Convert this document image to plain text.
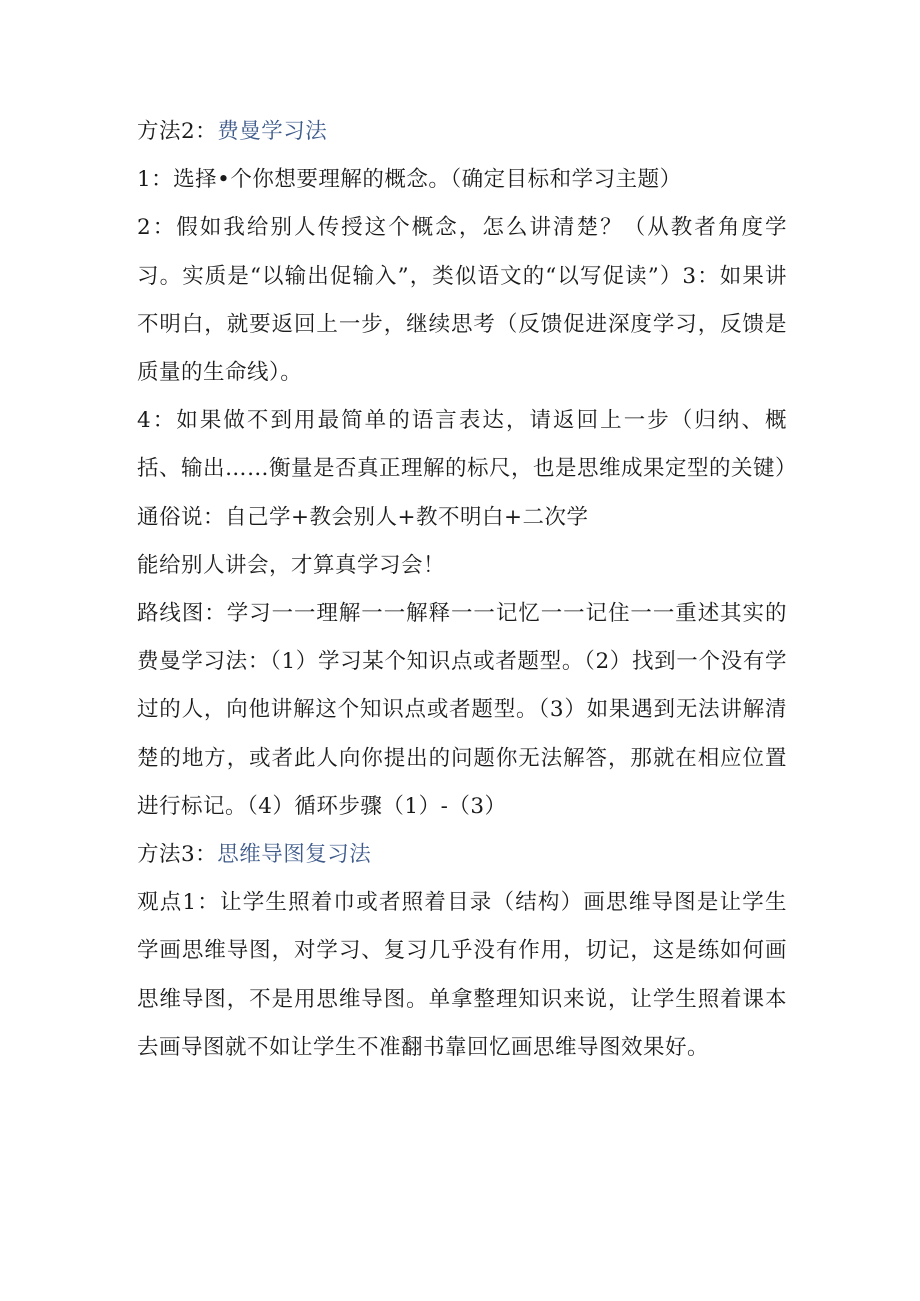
方法2：费曼学习法

1：选择•个你想要理解的概念。（确定目标和学习主题）

2：假如我给别人传授这个概念，怎么讲清楚？（从教者角度学习。实质是“以输出促输入”，类似语文的“以写促读”）3：如果讲不明白，就要返回上一步，继续思考（反馈促进深度学习，反馈是质量的生命线）。

4：如果做不到用最简单的语言表达，请返回上一步（归纳、概括、输出……衡量是否真正理解的标尺，也是思维成果定型的关键）

通俗说：自己学+教会别人+教不明白+二次学

能给别人讲会，才算真学习会！

路线图：学习一一理解一一解释一一记忆一一记住一一重述其实的费曼学习法：（1）学习某个知识点或者题型。（2）找到一个没有学过的人，向他讲解这个知识点或者题型。（3）如果遇到无法讲解清楚的地方，或者此人向你提出的问题你无法解答，那就在相应位置进行标记。（4）循环步骤（1）-（3）

方法3：思维导图复习法

观点1：让学生照着巾或者照着目录（结构）画思维导图是让学生学画思维导图，对学习、复习几乎没有作用，切记，这是练如何画思维导图，不是用思维导图。单拿整理知识来说，让学生照着课本去画导图就不如让学生不准翻书靠回忆画思维导图效果好。
